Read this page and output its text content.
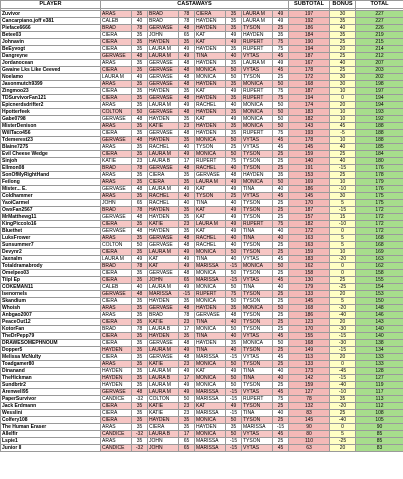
PLAYER	CASTAWAYS								SUBTOTAL	BONUS	TOTAL

Zuvivor	ARAS	35	BRAD	78	CIERA	35	LAURA M	49	197	30	227
Cancarpiano.joff e381	CALEB	40	BRAD	78	HAYDEN	35	LAURA M	49	192	35	227
Pieface6666	BRAD	78	GERVASE	48	HAYDEN	35	TYSON	25	186	40	226
Betee03	CIERA	35	JOHN	65	KAT	49	HAYDEN	35	184	35	219
Johnavin	CIERA	35	HAYDEN	35	KAT	49	RUPERT	75	190	25	215
BeEyvogt	CIERA	35	LAURA M	49	HAYDEN	35	RUPERT	75	194	20	214
Dangreyne	GERVASE	48	LAURA M	49	TINA	40	VYTAS	45	187	25	212
Jordanocean	ARAS	35	GERVASE	48	HAYDEN	35	LAURA M	49	167	40	207
Gwaine Lks Like Ceeved	CIERA	35	GERVASE	48	MONICA	50	VYTAS	45	178	25	203
Noelamo	LAURA M	49	GERVASE	48	MONICA	50	TYSON	25	172	30	202
Jasonmutch9399	ARAS	35	GERVASE	48	HAYDEN	35	MONICA	50	168	30	198
Zingmoo23	CIERA	35	HAYDEN	35	KAT	49	RUPERT	75	187	10	197
TDSurvivorFan121	CIERA	35	GERVASE	48	HAYDEN	35	RUPERT	75	194	0	194
Epicnerdsdrifter2	ARAS	35	LAURA M	49	RACHEL	40	MONICA	50	174	20	194
Hpotterfeek	COLTON	50	GERVASE	48	HAYDEN	35	MONICA	50	183	10	193
Gabe0798	GERVASE	48	HAYDEN	35	KAT	49	MONICA	50	182	10	192
MisterDenison	ARAS	35	KATIE	23	HAYDEN	35	MONICA	50	143	45	188
WillTaco456	CIERA	35	GERVASE	48	HAYDEN	35	RUPERT	75	193	-5	188
Tdemerest23	GERVASE	48	HAYDEN	35	MONICA	50	VYTAS	45	178	10	188
Blaine7275	ARAS	35	RACHEL	40	TYSON	25	VYTAS	45	145	40	185
Evil Cheese Wedge	CIERA	35	LAURA M	49	MONICA	50	TYSON	25	159	25	184
Sinjoh	KATIE	23	LAURA B	17	RUPERT	75	TYSON	25	140	40	180
Ellmon08	BRAD	78	GERVASE	48	RACHEL	40	TYSON	25	191	-15	176
SonOfMyRightHand	ARAS	35	CIERA	35	GERVASE	48	HAYDEN	35	153	25	178
Feilong	ARAS	35	CIERA	35	LAURA M	49	MONICA	50	169	10	179
Mister... E.	GERVASE	48	LAURA M	49	KAT	49	TINA	40	186	-10	176
Coldhammer	ARAS	35	RACHEL	40	TYSON	25	VYTAS	45	145	30	175
YaoiCarmel	JOHN	65	RACHEL	40	TINA	40	TYSON	25	170	5	175
OwxFan2567	BRAD	78	HAYDEN	35	KAT	49	TYSON	25	187	-15	172
MrMatthewg11	GERVASE	48	HAYDEN	35	KAT	49	TYSON	25	157	15	172
KingPiccolo16	CIERA	35	KATIE	23	LAURA M	49	RUPERT	75	182	-10	172
Bluethet	GERVASE	48	HAYDEN	35	KAT	49	TINA	40	172	0	172
LuksFrower	ARAS	35	GERVASE	48	RACHEL	40	TINA	40	163	5	168
Sunsummer7	COLTON	50	GERVASE	48	RACHEL	40	TYSON	25	163	5	168
Devynr2	CIERA	35	LAURA M	49	MONICA	50	TYSON	25	159	10	169
Jaxnalm	LAURA M	49	KAT	49	TINA	40	VYTAS	45	183	-20	163
Totaldramabrody	BRAD	78	KAT	49	MARISSA	-15	MONICA	50	162	0	162
Omelpeo03	CIERA	35	GERVASE	48	MONICA	50	TYSON	25	158	0	158
Tilpl Ep	CIERA	35	JOHN	65	MARISSA	-15	VYTAS	45	130	25	155
COKEMAN11	CALEB	40	LAURA M	49	MONICA	50	TINA	40	179	-25	154
Isenornels	GERVASE	48	MARISSA	-15	RUPERT	75	TYSON	25	133	20	153
Skandium	CIERA	35	HAYDEN	35	MONICA	50	TYSON	25	145	5	150
Whoish	ARAS	35	GERVASE	48	HAYDEN	35	MONICA	50	168	-20	148
Anbgao2007	ARAS	35	BRAD	78	GERVASE	48	TYSON	25	186	-40	146
PeaceOut12	CIERA	35	KATIE	23	TINA	40	TYSON	25	123	20	143
KotorFan	BRAD	78	LAURA B	17	MONICA	50	TYSON	25	170	-30	140
TheDrPepp79	CIERA	35	HAYDEN	35	TINA	40	VYTAS	45	155	-15	140
DRAWESOMEPHNOUM	CIERA	35	GERVASE	48	HAYDEN	35	MONICA	50	168	-30	138
Dopper5	HAYDEN	35	LAURA M	49	TINA	40	TYSON	25	149	-15	134
Melissa McNulty	CIERA	35	GERVASE	48	MARISSA	-15	VYTAS	45	113	20	133
Toadgamer80	ARAS	35	KATIE	23	MONICA	50	TYSON	25	133	0	133
Dinanand	HAYDEN	35	LAURA M	49	KAT	49	TINA	40	173	-45	128
TheHickman	HAYDEN	35	LAURA B	17	MONICA	50	TINA	40	142	-15	127
Sundbrtr2	HAYDEN	35	LAURA M	49	MONICA	50	TYSON	25	159	-40	119
Arenwell95	GERVASE	48	LAURA M	49	MARISSA	-15	VYTAS	45	127	-10	117
PaperSurvivor	CANDICE	-32	COLTON	50	MARISSA	-15	RUPERT	75	78	35	113
Jack Erdmann	CIERA	35	KATIE	23	KAT	49	TYSON	25	132	-20	112
Wesslini	CIERA	35	KATIE	23	MARISSA	-15	TINA	40	83	25	108
Colfery108	CIERA	35	HAYDEN	35	MONICA	50	TYSON	25	145	-40	105
The Human Eraser	ARAS	35	CIERA	35	HAYDEN	35	MARISSA	-15	90	0	90
Allelfir	CANDICE	-32	LAURA B	17	MONICA	50	VYTAS	45	80	5	85
Lspie1	ARAS	35	JOHN	65	MARISSA	-15	TYSON	25	110	-25	85
Junior II	CANDICE	-32	JOHN	65	MARISSA	-15	VYTAS	45	63	20	83
